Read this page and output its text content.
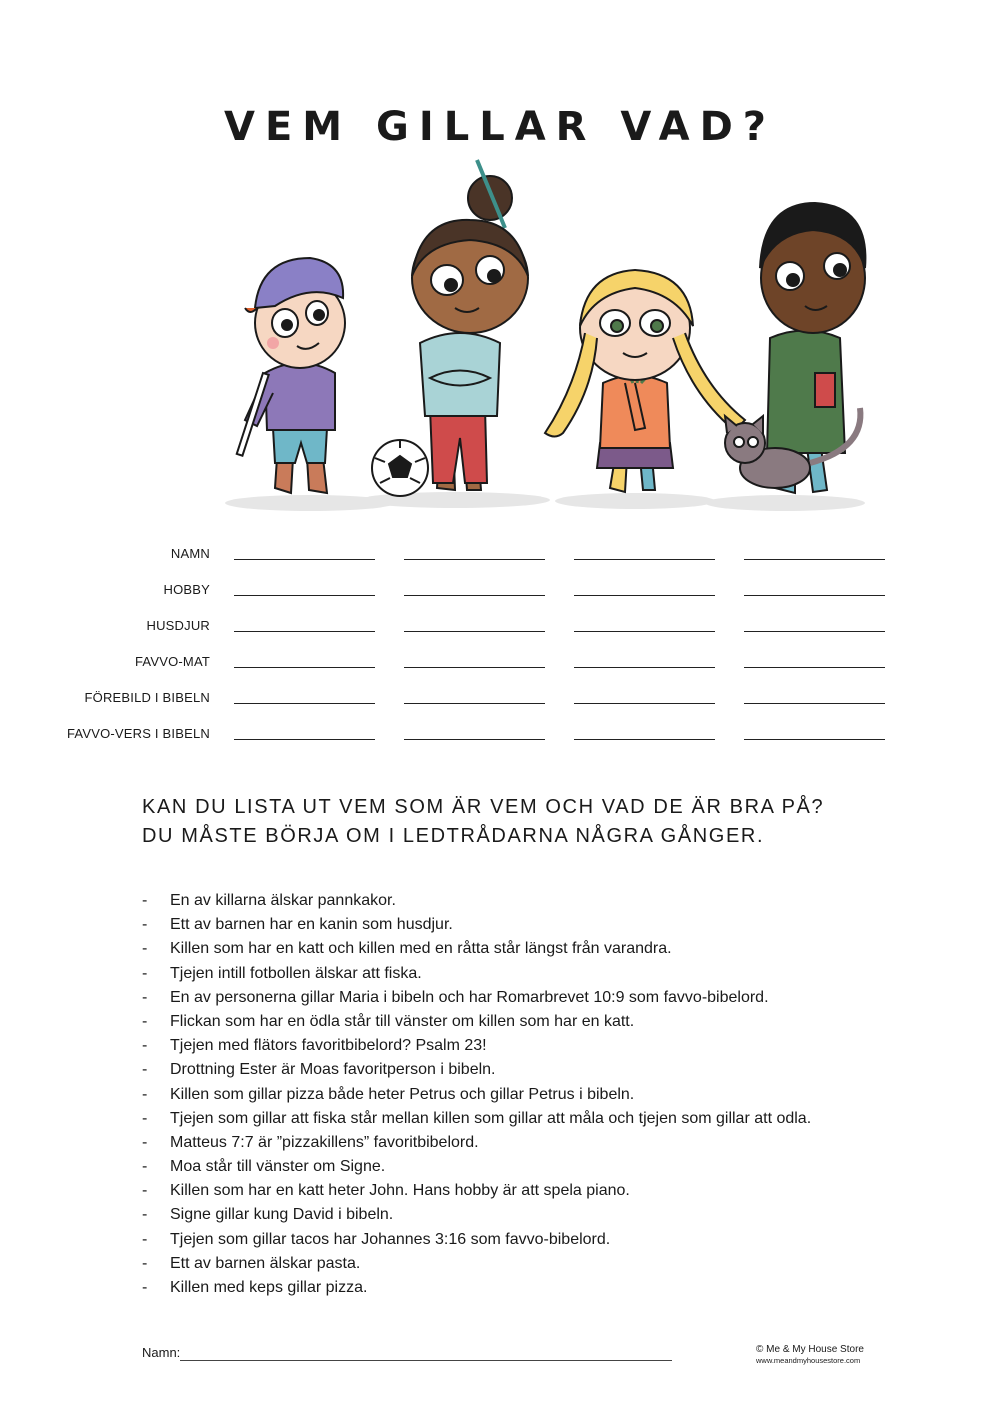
VEM GILLAR VAD?
NAMN
HOBBY
HUSDJUR
FAVVO-MAT
FÖREBILD I BIBELN
FAVVO-VERS I BIBELN
KAN DU LISTA UT VEM SOM ÄR VEM OCH VAD DE ÄR BRA PÅ?
DU MÅSTE BÖRJA OM I LEDTRÅDARNA NÅGRA GÅNGER.
- En av killarna älskar pannkakor.
- Ett av barnen har en kanin som husdjur.
- Killen som har en katt och killen med en råtta står längst från varandra.
- Tjejen intill fotbollen älskar att fiska.
- En av personerna gillar Maria i bibeln och har Romarbrevet 10:9 som favvo-bibelord.
- Flickan som har en ödla står till vänster om killen som har en katt.
- Tjejen med flätors favoritbibelord? Psalm 23!
- Drottning Ester är Moas favoritperson i bibeln.
- Killen som gillar pizza både heter Petrus och gillar Petrus i bibeln.
- Tjejen som gillar att fiska står mellan killen som gillar att måla och tjejen som gillar att odla.
- Matteus 7:7 är ”pizzakillens” favoritbibelord.
- Moa står till vänster om Signe.
- Killen som har en katt heter John. Hans hobby är att spela piano.
- Signe gillar kung David i bibeln.
- Tjejen som gillar tacos har Johannes 3:16 som favvo-bibelord.
- Ett av barnen älskar pasta.
- Killen med keps gillar pizza.
Namn:	© Me & My House Store
www.meandmyhousestore.com
